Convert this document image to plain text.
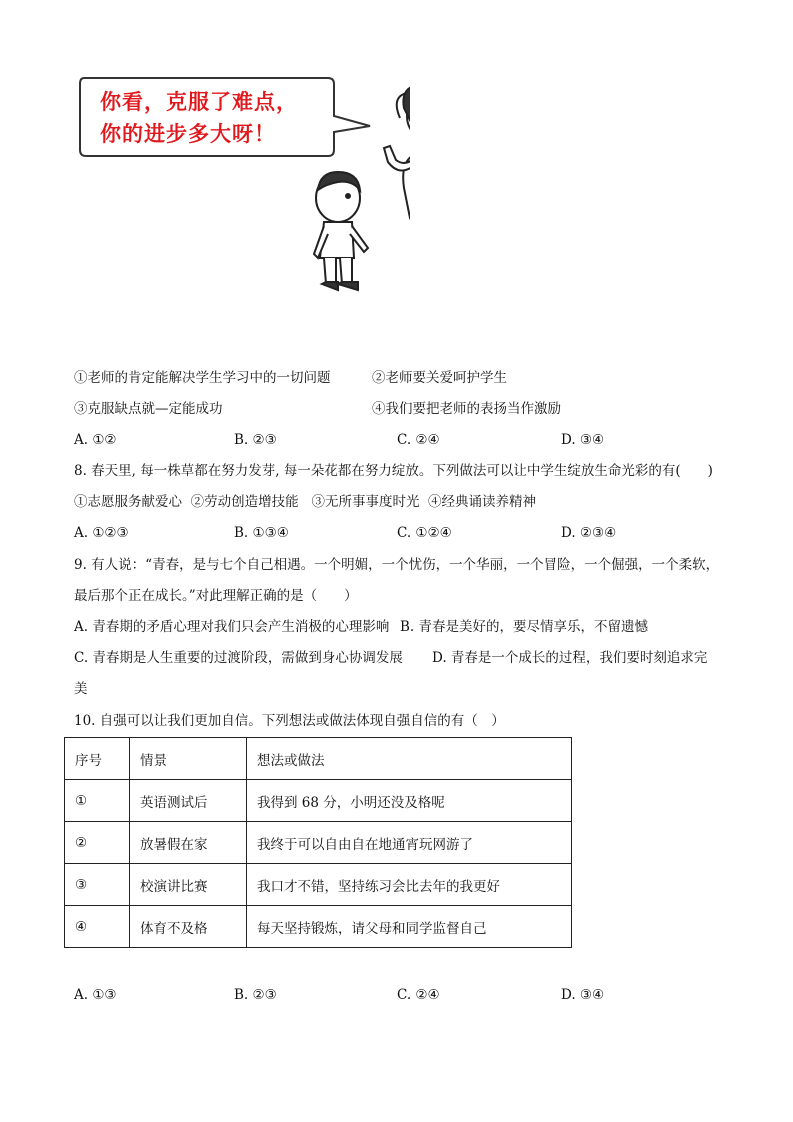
你看，克服了难点，
你的进步多大呀！
①老师的肯定能解决学生学习中的一切问题	②老师要关爱呵护学生
③克服缺点就—定能成功	④我们要把老师的表扬当作激励
A. ①②	B. ②③	C. ②④	D. ③④
8. 春天里, 每一株草都在努力发芽, 每一朵花都在努力绽放。下列做法可以让中学生绽放生命光彩的有(　　)
①志愿服务献爱心  ②劳动创造增技能   ③无所事事度时光  ④经典诵读养精神
A. ①②③	B. ①③④	C. ①②④	D. ②③④
9. 有人说：“青春，是与七个自己相遇。一个明媚，一个忧伤，一个华丽，一个冒险，一个倔强，一个柔软，
最后那个正在成长。”对此理解正确的是（　　）
A. 青春期的矛盾心理对我们只会产生消极的心理影响 B. 青春是美好的，要尽情享乐，不留遗憾
C. 青春期是人生重要的过渡阶段，需做到身心协调发展 D. 青春是一个成长的过程，我们要时刻追求完
美
10. 自强可以让我们更加自信。下列想法或做法体现自强自信的有（　）
序号	情景	想法或做法
①	英语测试后	我得到 68 分，小明还没及格呢
②	放暑假在家	我终于可以自由自在地通宵玩网游了
③	校演讲比赛	我口才不错，坚持练习会比去年的我更好
④	体育不及格	每天坚持锻炼，请父母和同学监督自己
A. ①③	B. ②③	C. ②④	D. ③④
